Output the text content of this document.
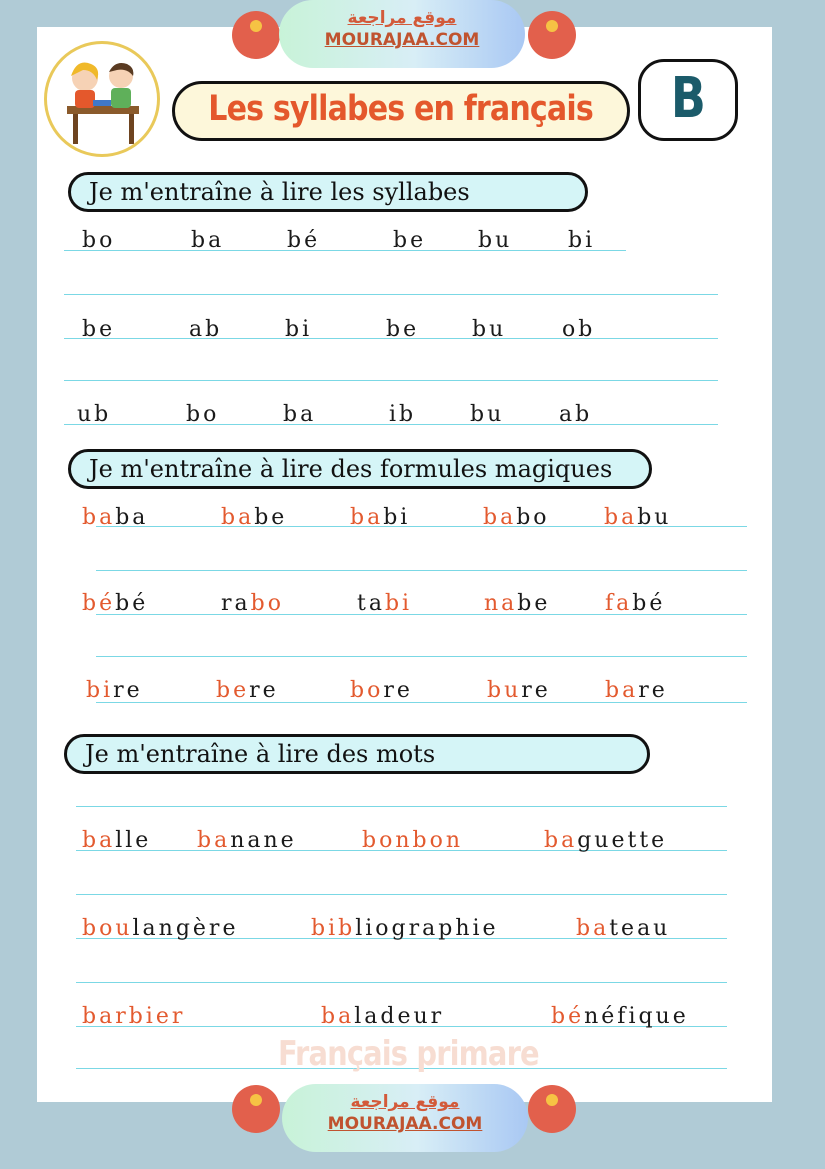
موقع مراجعة
MOURAJAA.COM
Les syllabes en français	B
Je m'entraîne à lire les syllabes
bo	ba	bé	be bu	bi
be	ab	bi	be bu	ob
ub	bo	ba	ib bu ab
Je m'entraîne à lire des formules magiques
baba	babe	babi	babo babu
bébé	rabo	tabi	nabe fabé
bire	bere	bore	bure bare
Je m'entraîne à lire des mots
balle banane	bonbon	baguette
boulangère	bibliographie	bateau
barbier	baladeur	bénéfique
Français primare
موقع مراجعة
MOURAJAA.COM
